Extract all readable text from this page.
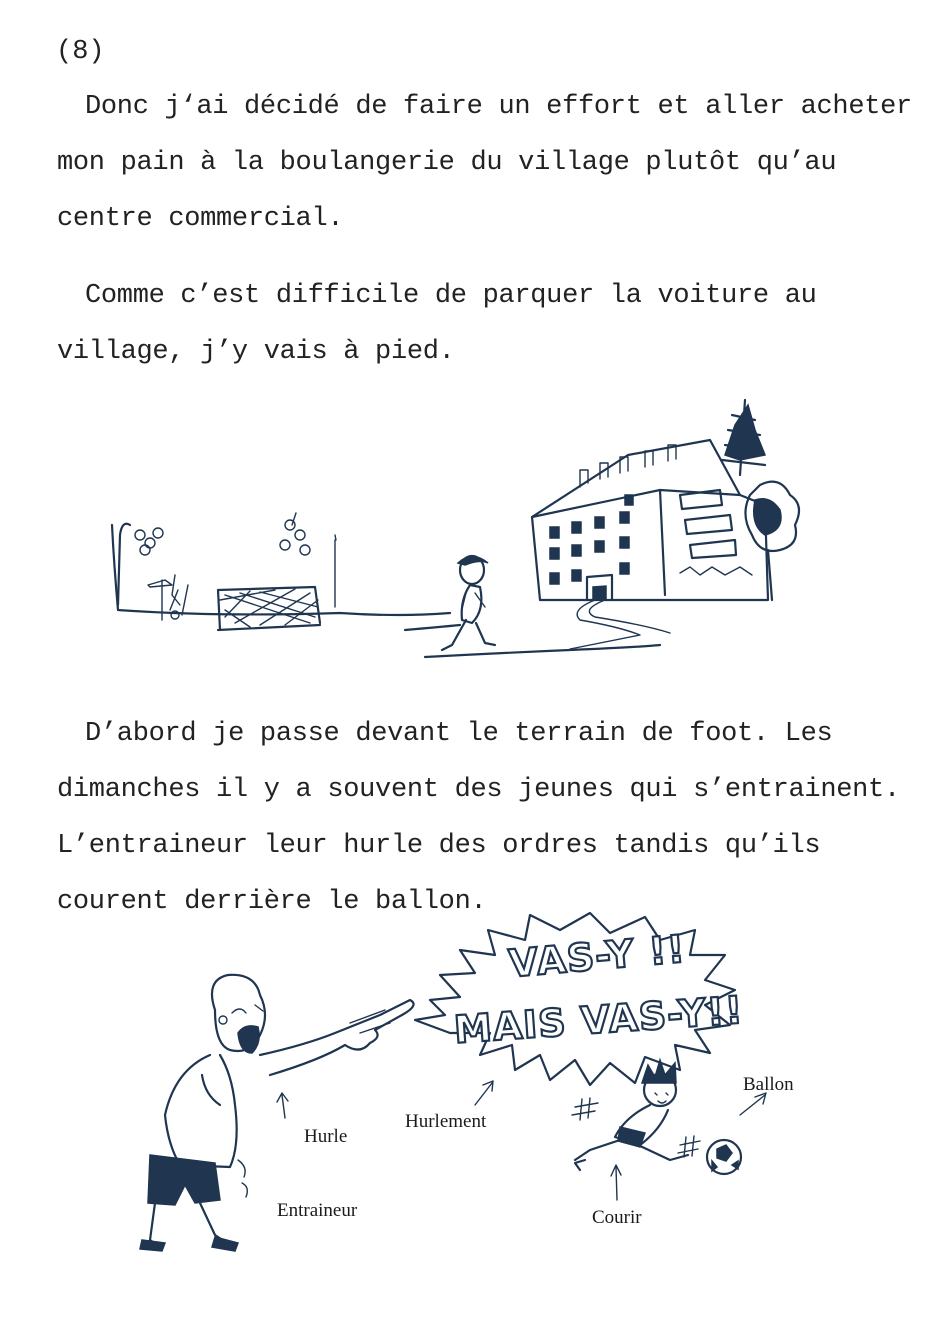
(8)

Donc j‘ai décidé de faire un effort et aller acheter
mon pain à la boulangerie du village plutôt qu’au
centre commercial.

Comme c’est difficile de parquer la voiture au
village, j’y vais à pied.

D’abord je passe devant le terrain de foot. Les
dimanches il y a souvent des jeunes qui s’entrainent.
L’entraineur leur hurle des ordres tandis qu’ils
courent derrière le ballon.

VAS-Y !!
MAIS VAS-Y!!
Hurle
Hurlement
Ballon
Entraineur	Courir
